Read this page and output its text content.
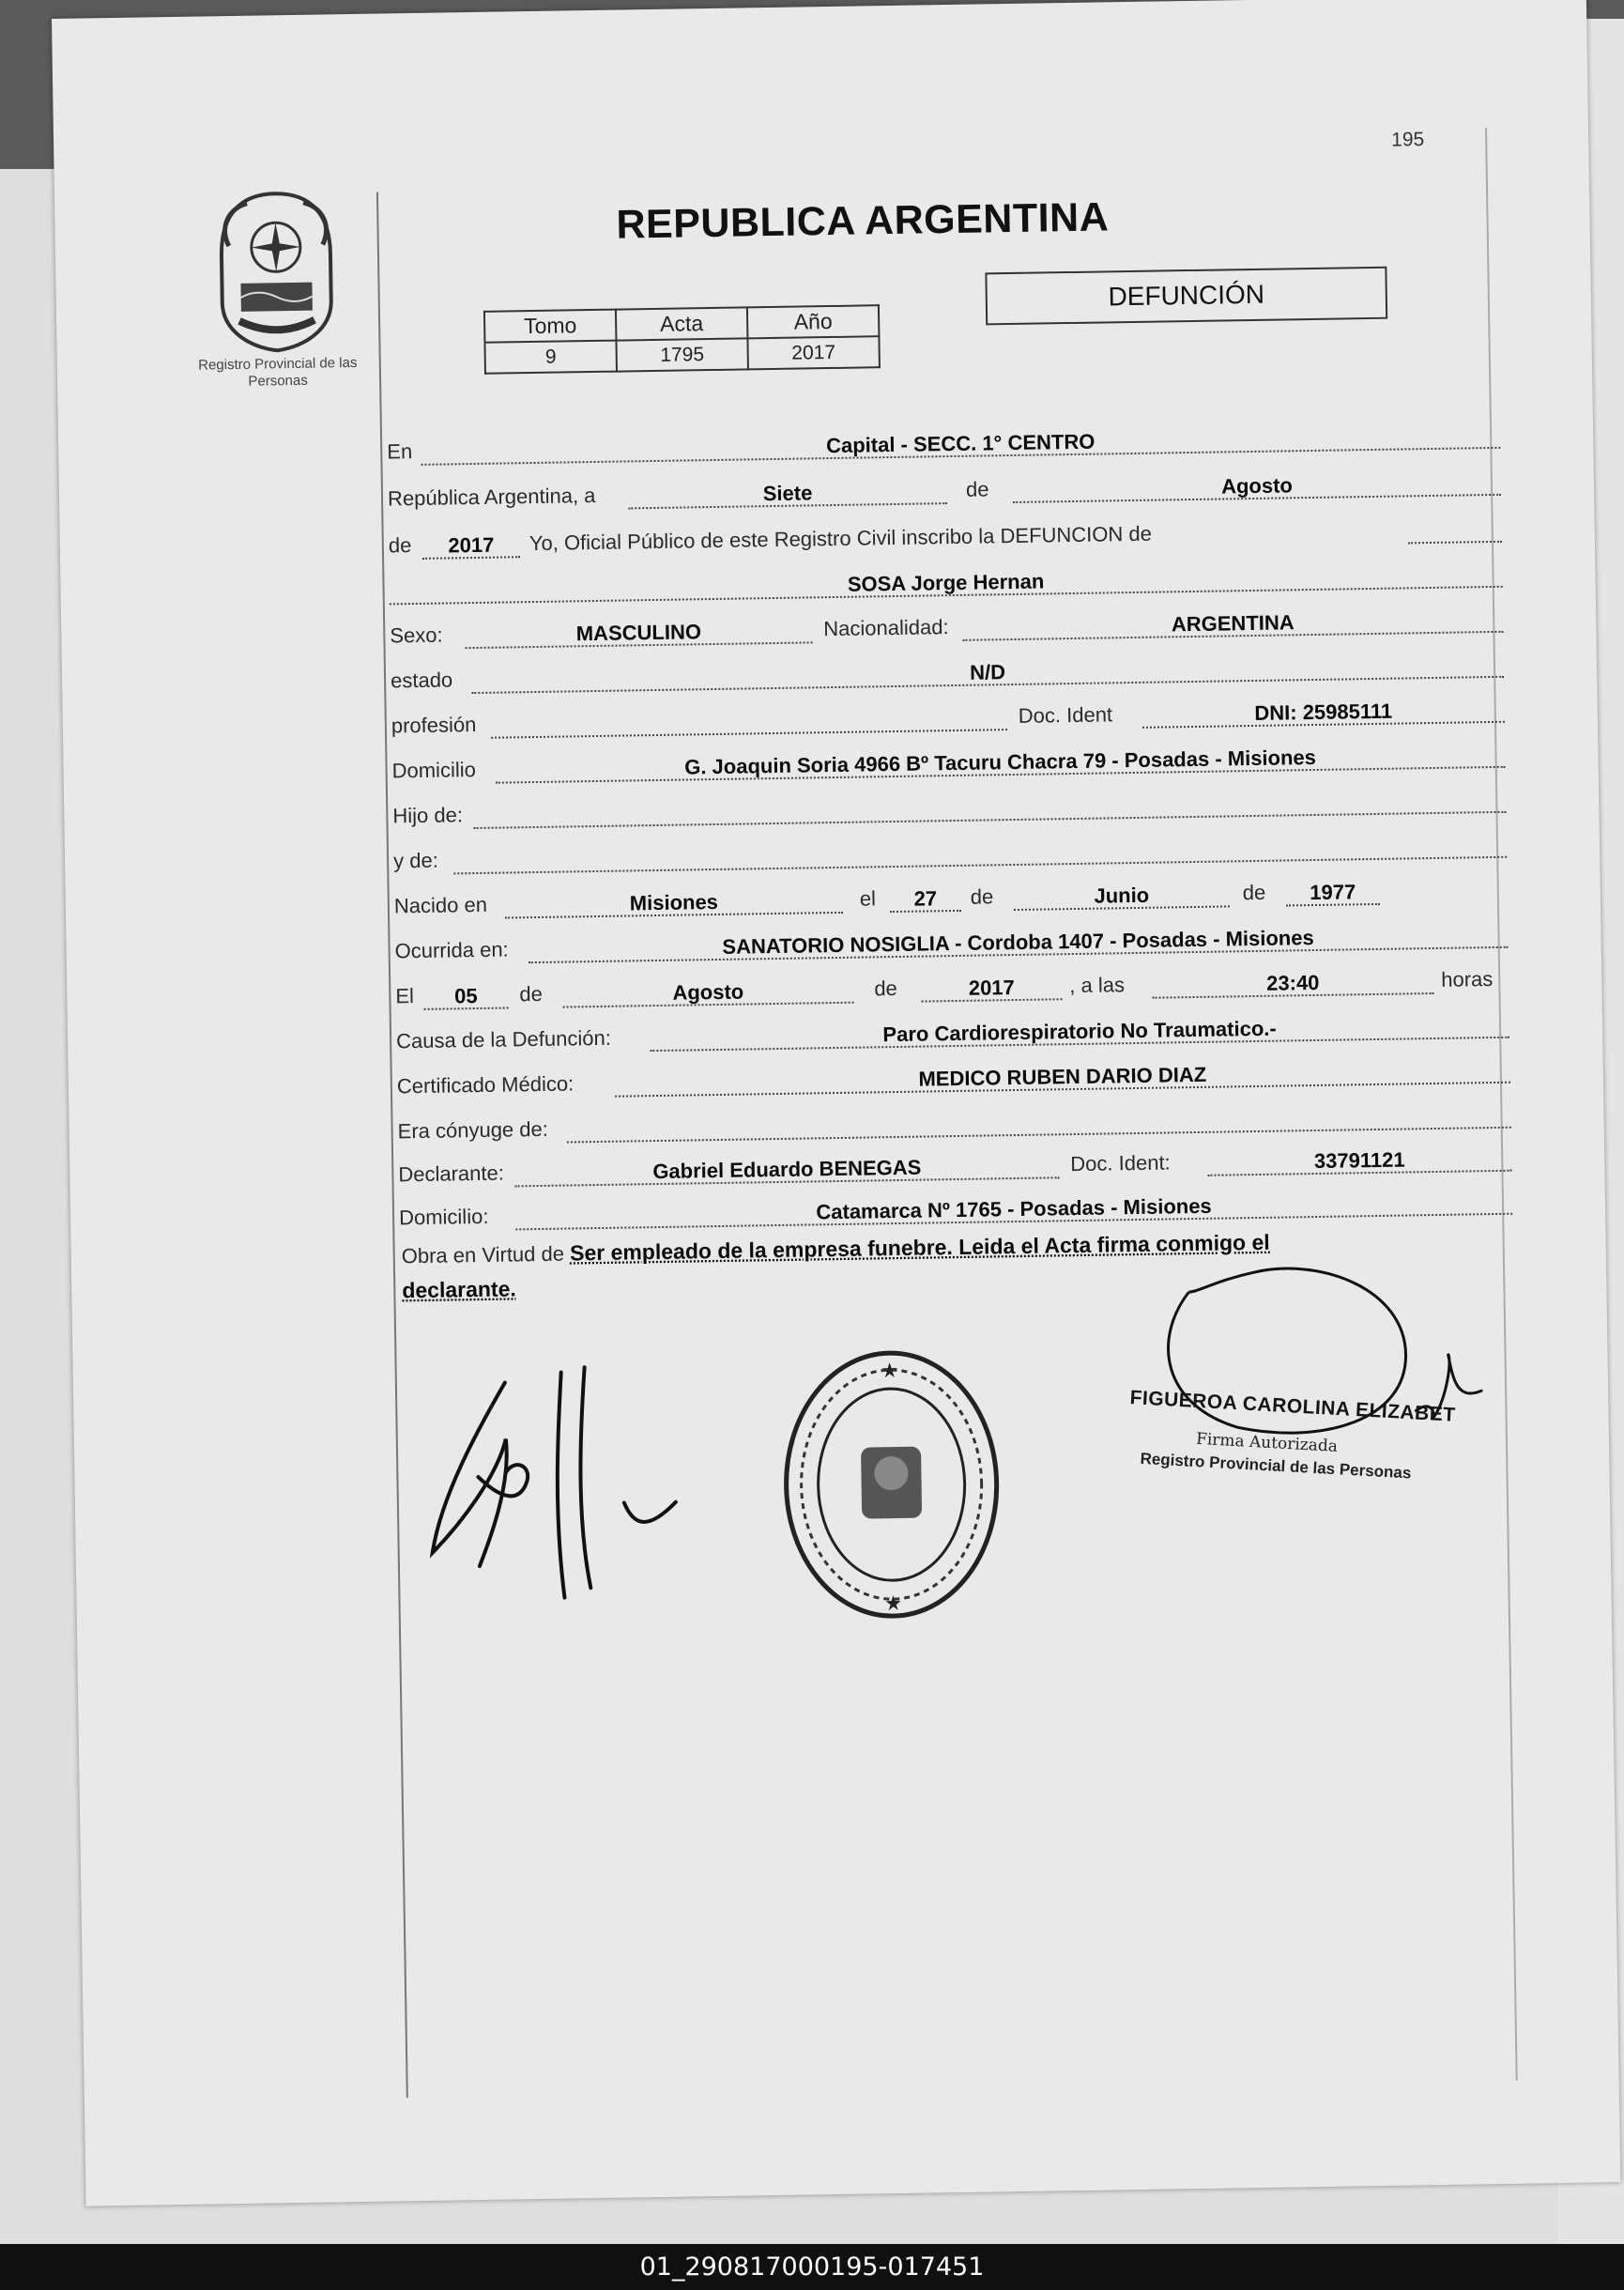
195
Registro Provincial de las Personas
REPUBLICA ARGENTINA
Tomo	Acta	Año
9	1795	2017
DEFUNCIÓN
En	Capital - SECC. 1° CENTRO
República Argentina, a	Siete	de	Agosto
de	2017	Yo, Oficial Público de este Registro Civil inscribo la DEFUNCION de
SOSA Jorge Hernan
Sexo:	MASCULINO	Nacionalidad:	ARGENTINA
estado	N/D
profesión	Doc. Ident	DNI: 25985111
Domicilio	G. Joaquin Soria 4966 Bº Tacuru Chacra 79 - Posadas - Misiones
Hijo de:
y de:
Nacido en	Misiones	el	27	de	Junio	de	1977
Ocurrida en:	SANATORIO NOSIGLIA - Cordoba 1407 - Posadas - Misiones
El	05	de	Agosto	de	2017	, a las	23:40	horas
Causa de la Defunción:	Paro Cardiorespiratorio No Traumatico.-
Certificado Médico:	MEDICO RUBEN DARIO DIAZ
Era cónyuge de:
Declarante:	Gabriel Eduardo BENEGAS	Doc. Ident:	33791121
Domicilio:	Catamarca Nº 1765 - Posadas - Misiones
Obra en Virtud de Ser empleado de la empresa funebre. Leida el Acta firma conmigo el
declarante.
FIGUEROA CAROLINA ELIZABET
Firma Autorizada
Registro Provincial de las Personas
01_290817000195-017451
